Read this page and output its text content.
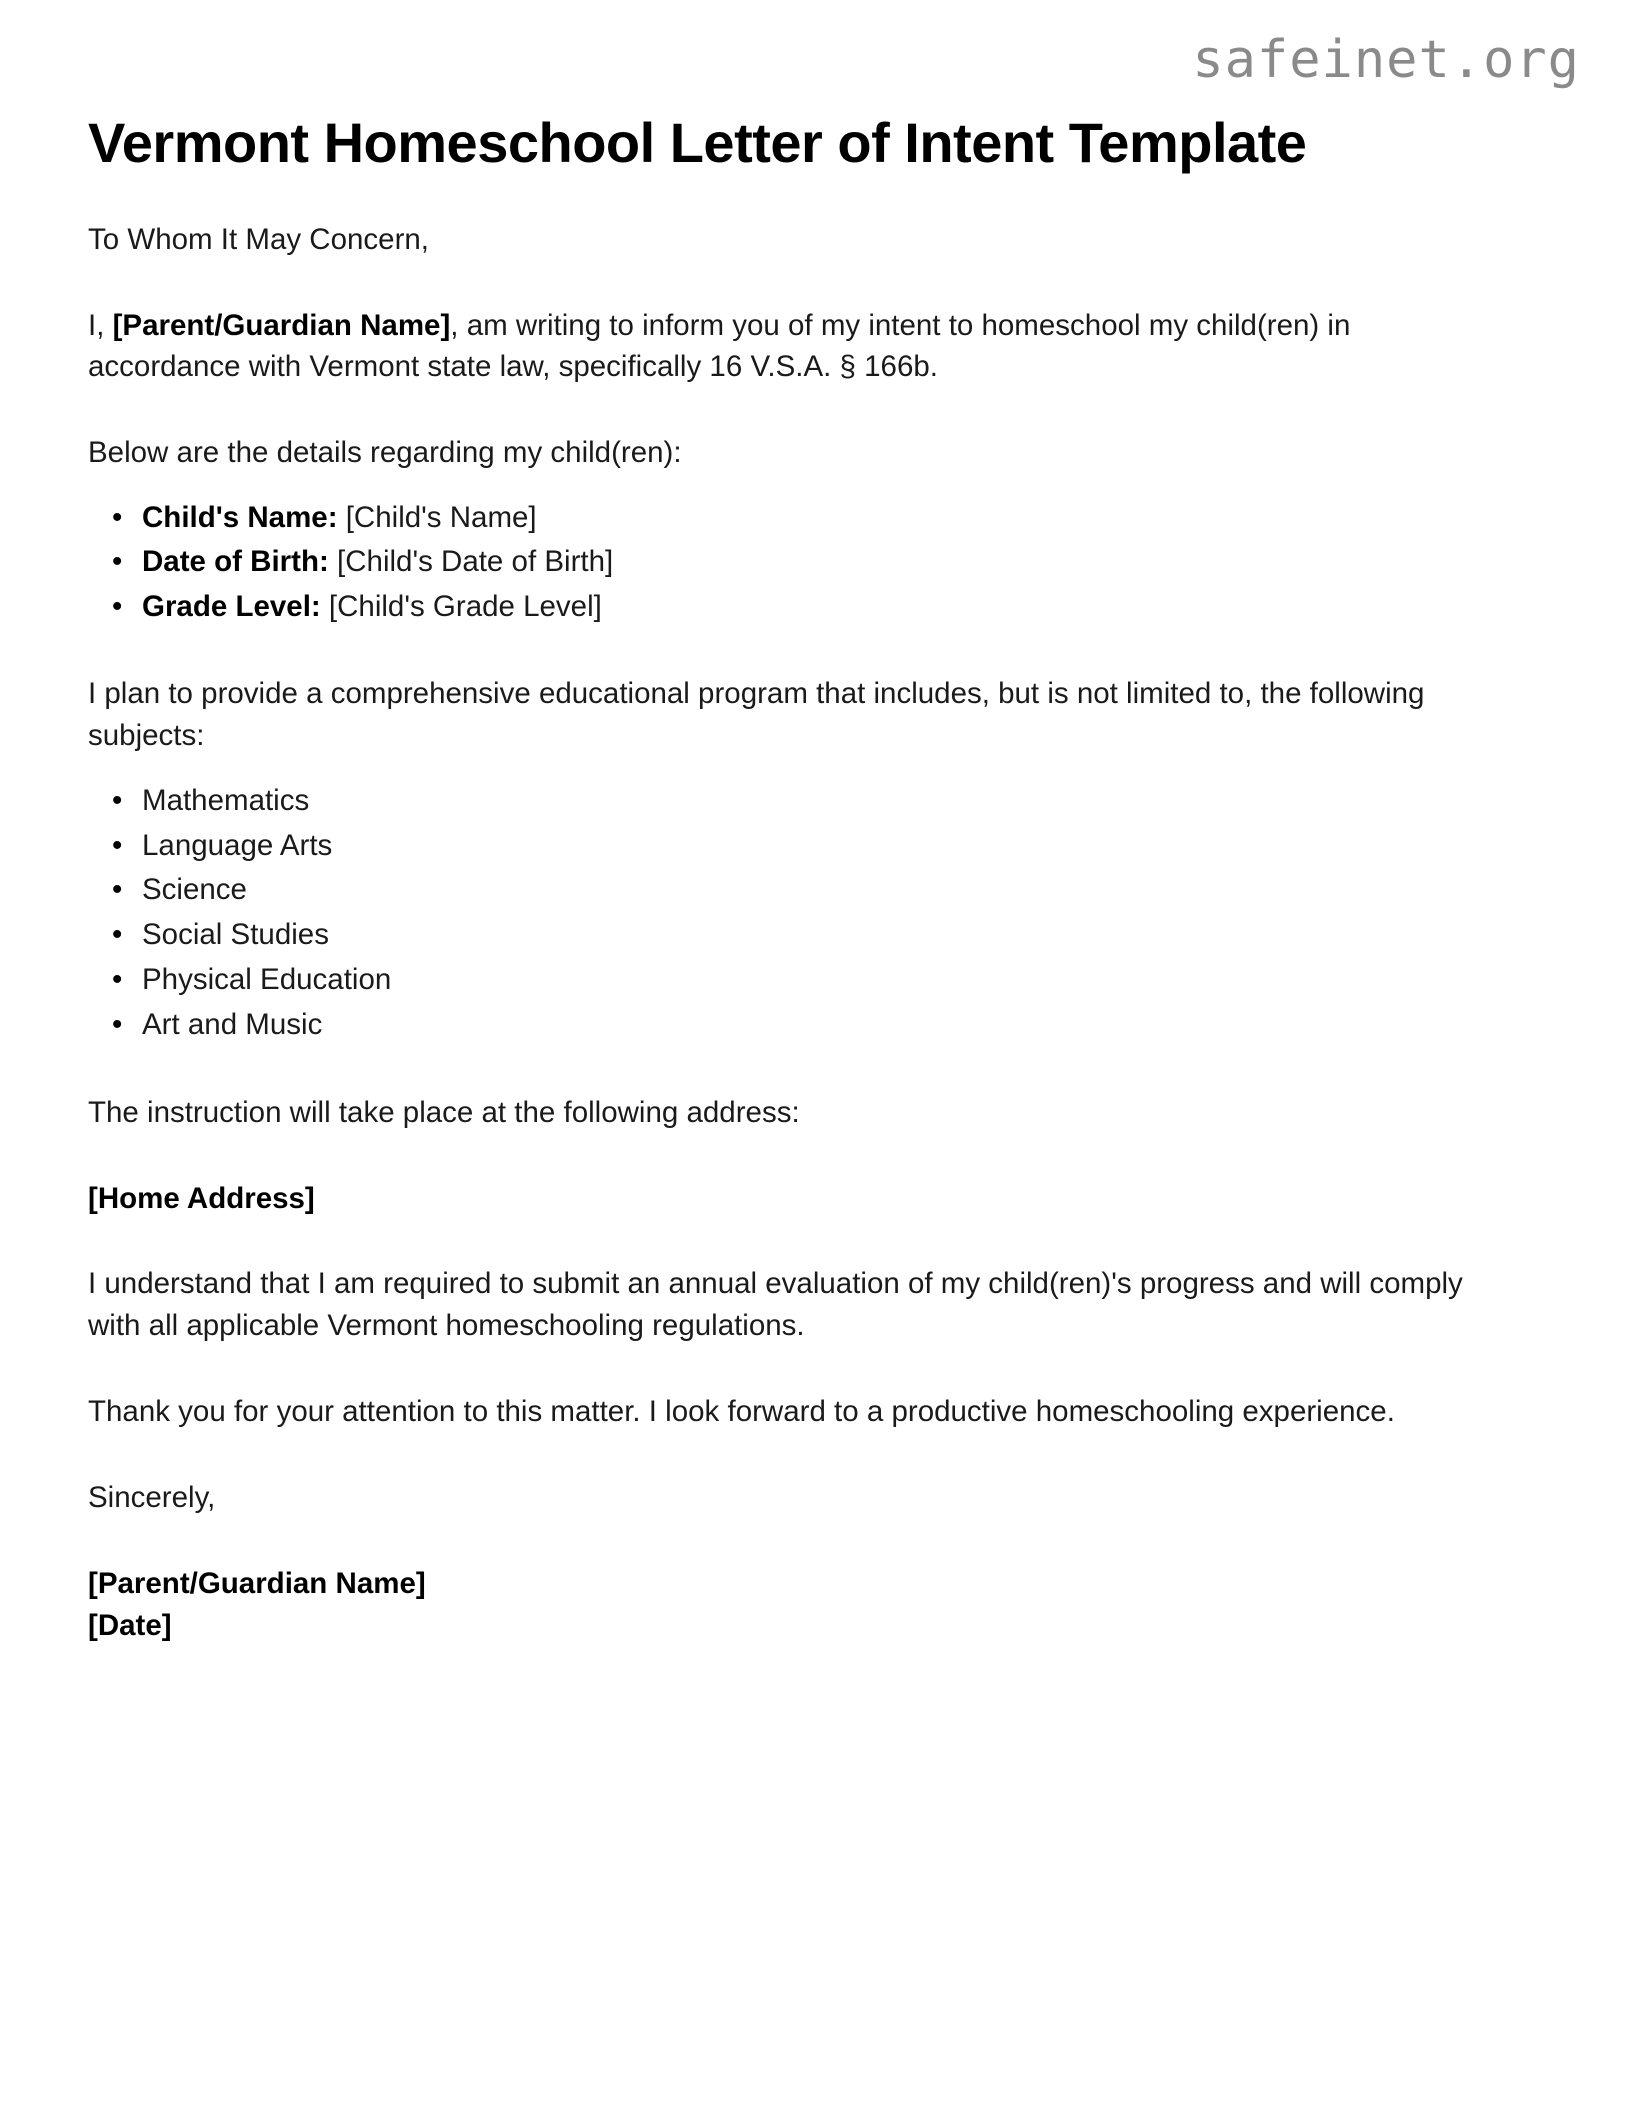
safeinet.org
Vermont Homeschool Letter of Intent Template

To Whom It May Concern,

I, [Parent/Guardian Name], am writing to inform you of my intent to homeschool my child(ren) in accordance with Vermont state law, specifically 16 V.S.A. § 166b.

Below are the details regarding my child(ren):

• Child's Name: [Child's Name]
• Date of Birth: [Child's Date of Birth]
• Grade Level: [Child's Grade Level]

I plan to provide a comprehensive educational program that includes, but is not limited to, the following subjects:

• Mathematics
• Language Arts
• Science
• Social Studies
• Physical Education
• Art and Music

The instruction will take place at the following address:

[Home Address]

I understand that I am required to submit an annual evaluation of my child(ren)'s progress and will comply with all applicable Vermont homeschooling regulations.

Thank you for your attention to this matter. I look forward to a productive homeschooling experience.

Sincerely,

[Parent/Guardian Name]
[Date]
